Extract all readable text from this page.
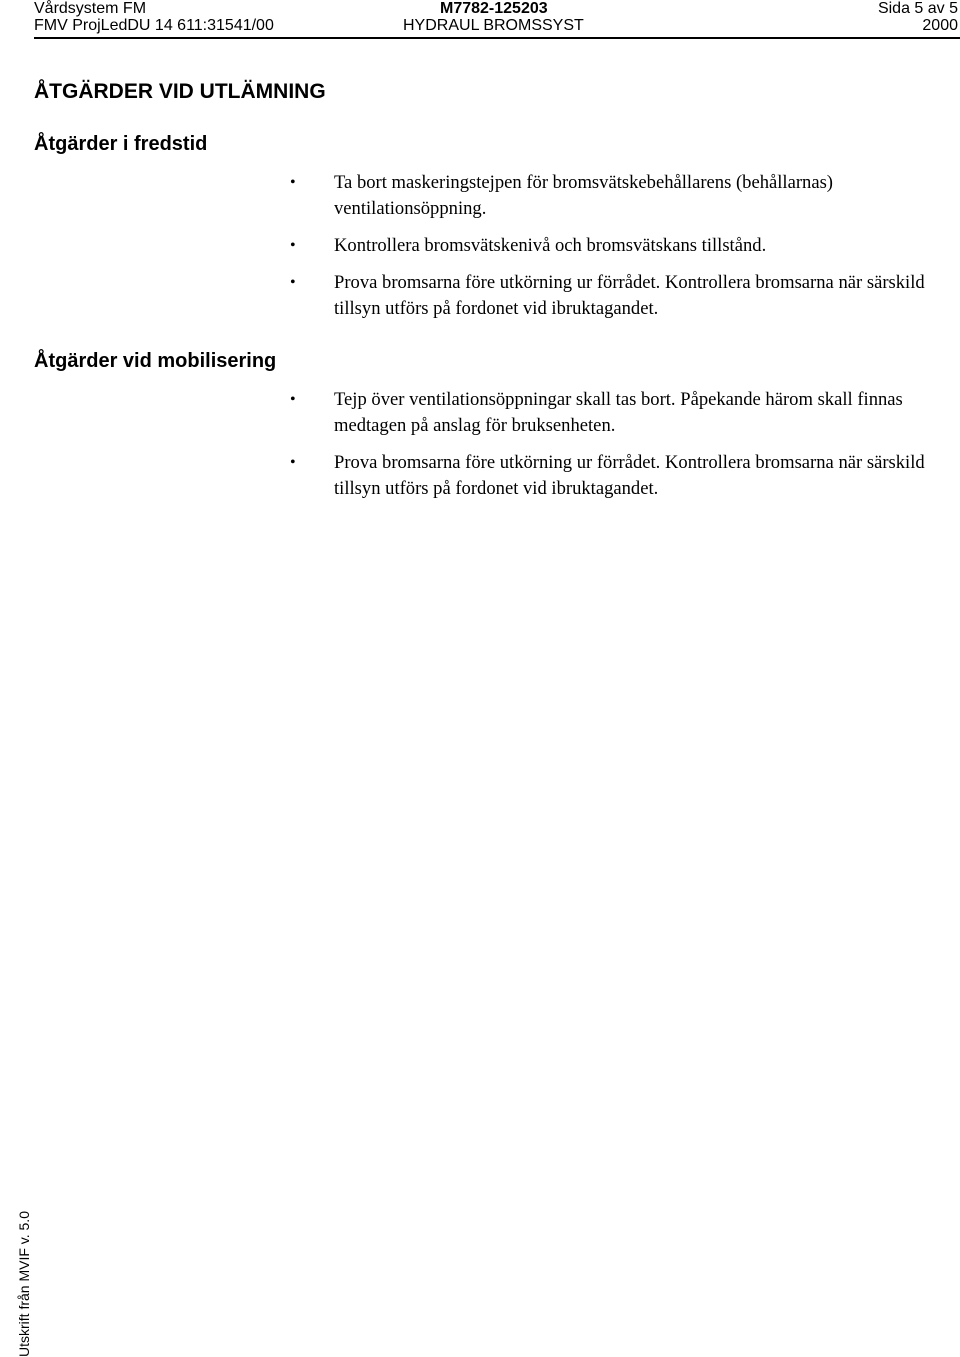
Vårdsystem FM	M7782-125203	Sida 5 av 5
FMV ProjLedDU 14 611:31541/00	HYDRAUL BROMSSYST	2000
ÅTGÄRDER VID UTLÄMNING
Åtgärder i fredstid
• Ta bort maskeringstejpen för bromsvätskebehållarens (behållarnas) ventilationsöppning.
• Kontrollera bromsvätskenivå och bromsvätskans tillstånd.
• Prova bromsarna före utkörning ur förrådet. Kontrollera bromsarna när särskild tillsyn utförs på fordonet vid ibruktagandet.
Åtgärder vid mobilisering
• Tejp över ventilationsöppningar skall tas bort. Påpekande härom skall finnas medtagen på anslag för bruksenheten.
• Prova bromsarna före utkörning ur förrådet. Kontrollera bromsarna när särskild tillsyn utförs på fordonet vid ibruktagandet.
Utskrift från MVIF v. 5.0
